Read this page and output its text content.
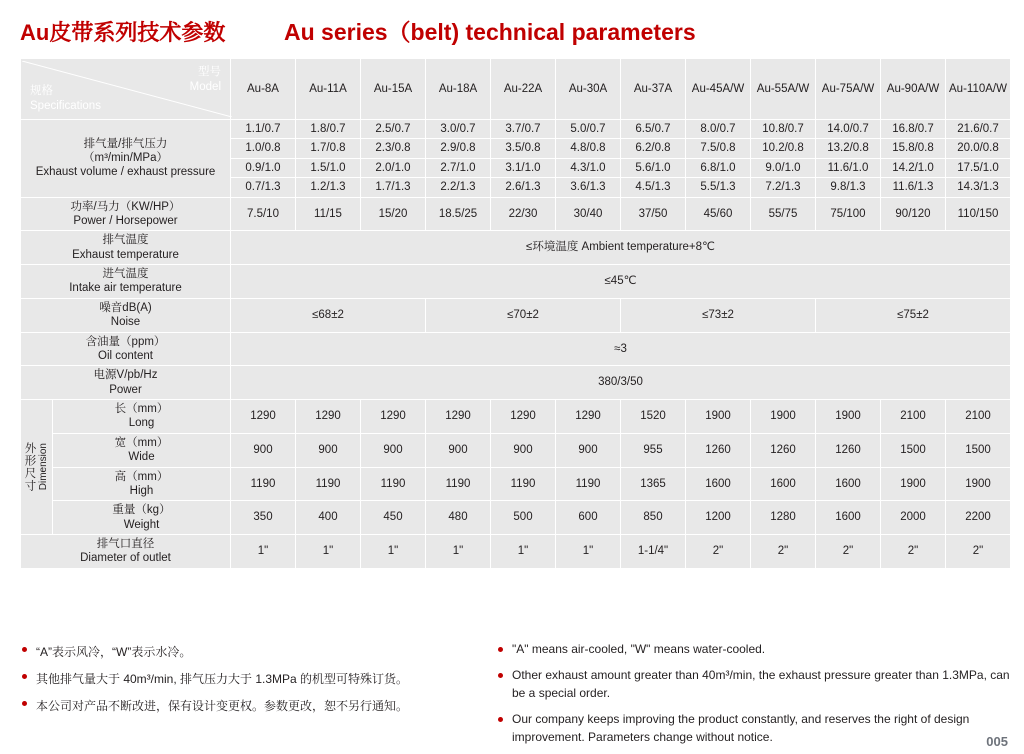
Au皮带系列技术参数	Au series（belt) technical parameters
型号
Model
规格
Specifications		Au-8A	Au-11A	Au-15A	Au-18A	Au-22A	Au-30A	Au-37A	Au-45A/W	Au-55A/W	Au-75A/W	Au-90A/W	Au-110A/W

排气量/排气压力
（m³/min/MPa）
Exhaust volume / exhaust pressure		1.1/0.7	1.8/0.7	2.5/0.7	3.0/0.7	3.7/0.7	5.0/0.7	6.5/0.7	8.0/0.7	10.8/0.7	14.0/0.7	16.8/0.7	21.6/0.7
		1.0/0.8	1.7/0.8	2.3/0.8	2.9/0.8	3.5/0.8	4.8/0.8	6.2/0.8	7.5/0.8	10.2/0.8	13.2/0.8	15.8/0.8	20.0/0.8
		0.9/1.0	1.5/1.0	2.0/1.0	2.7/1.0	3.1/1.0	4.3/1.0	5.6/1.0	6.8/1.0	9.0/1.0	11.6/1.0	14.2/1.0	17.5/1.0
		0.7/1.3	1.2/1.3	1.7/1.3	2.2/1.3	2.6/1.3	3.6/1.3	4.5/1.3	5.5/1.3	7.2/1.3	9.8/1.3	11.6/1.3	14.3/1.3

功率/马力（KW/HP）
Power / Horsepower		7.5/10	11/15	15/20	18.5/25	22/30	30/40	37/50	45/60	55/75	75/100	90/120	110/150

排气温度
Exhaust temperature		≤环境温度 Ambient temperature+8℃											

进气温度
Intake air temperature		≤45℃											

噪音dB(A)
Noise		≤68±2			≤70±2			≤73±2			≤75±2		

含油量（ppm）
Oil content		≈3											

电源V/pb/Hz
Power		380/3/50											

外形尺寸 Dimension

长（mm）
Long
	1290	1290	1290	1290	1290	1290	1520	1900	1900	1900	2100	2100

	宽（mm）
Wide	900	900	900	900	900	900	955	1260	1260	1260	1500	1500

	高（mm）
High	1190	1190	1190	1190	1190	1190	1365	1600	1600	1600	1900	1900

	重量（kg）
Weight	350	400	450	480	500	600	850	1200	1280	1600	2000	2200

排气口直径
Diameter of outlet		1"	1"	1"	1"	1"	1"	1-1/4"	2"	2"	2"	2"	2"
“A”表示风冷，“W”表示水冷。
其他排气量大于 40m³/min, 排气压力大于 1.3MPa 的机型可特殊订货。
本公司对产品不断改进，保有设计变更权。参数更改，恕不另行通知。
"A" means air-cooled, "W" means water-cooled.
Other exhaust amount greater than 40m³/min, the exhaust pressure greater than 1.3MPa, can be a special order.
Our company keeps improving the product constantly, and reserves the right of design improvement. Parameters change without notice.	005
